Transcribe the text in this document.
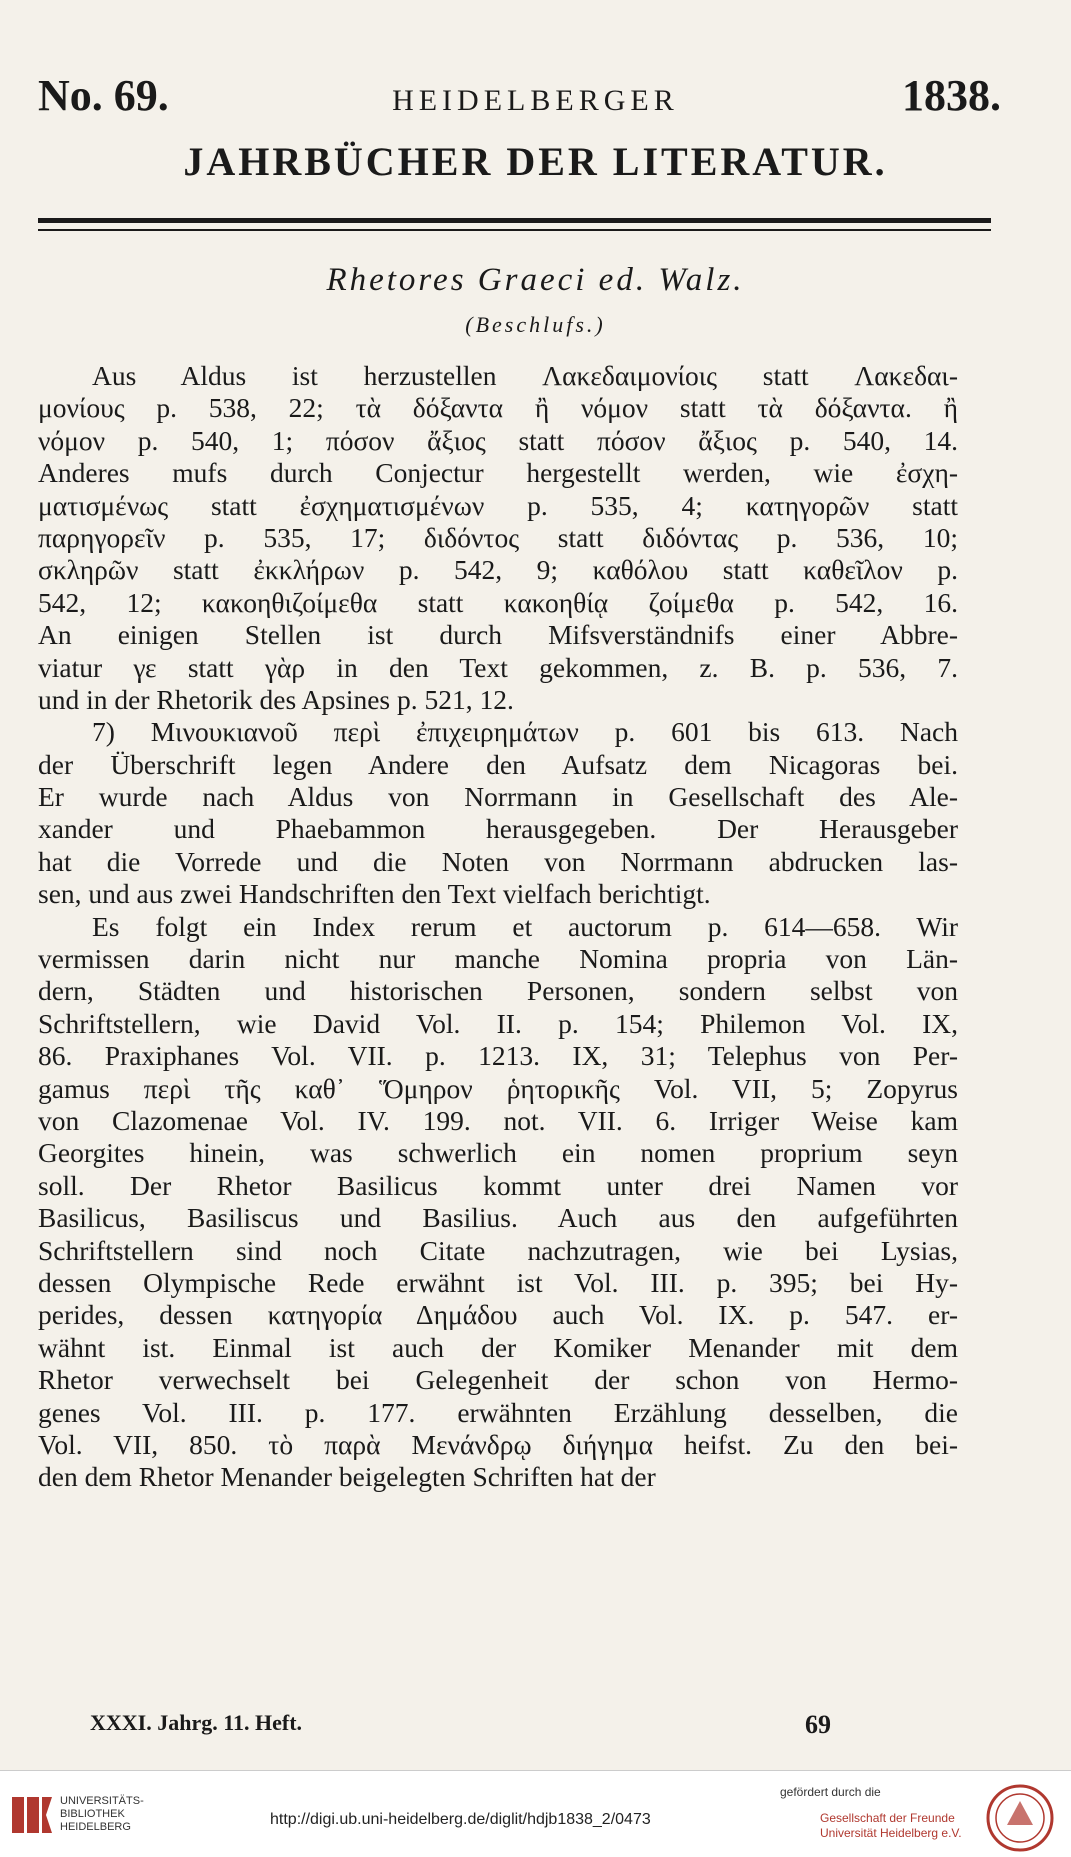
No. 69.	HEIDELBERGER	1838.
JAHRBÜCHER DER LITERATUR.
Rhetores Graeci ed. Walz.
(Beschlufs.)
Aus Aldus ist herzustellen Λακεδαιμονίοις statt Λακεδαι-
μονίους p. 538, 22; τὰ δόξαντα ἢ νόμον statt τὰ δόξαντα. ἢ
νόμον p. 540, 1; πόσον ἄξιος statt πόσον ἄξιος p. 540, 14.
Anderes mufs durch Conjectur hergestellt werden, wie ἐσχη-
ματισμένως statt ἐσχηματισμένων p. 535, 4; κατηγορῶν statt
παρηγορεῖν p. 535, 17; διδόντος statt διδόντας p. 536, 10;
σκληρῶν statt ἐκκλήρων p. 542, 9; καθόλου statt καθεῖλον p.
542, 12; κακοηθιζοίμεθα statt κακοηθίᾳ ζοίμεθα p. 542, 16.
An einigen Stellen ist durch Mifsverständnifs einer Abbre-
viatur γε statt γὰρ in den Text gekommen, z. B. p. 536, 7.
und in der Rhetorik des Apsines p. 521, 12.
7) Μινουκιανοῦ περὶ ἐπιχειρημάτων p. 601 bis 613. Nach
der Überschrift legen Andere den Aufsatz dem Nicagoras bei.
Er wurde nach Aldus von Norrmann in Gesellschaft des Ale-
xander und Phaebammon herausgegeben. Der Herausgeber
hat die Vorrede und die Noten von Norrmann abdrucken las-
sen, und aus zwei Handschriften den Text vielfach berichtigt.
Es folgt ein Index rerum et auctorum p. 614—658. Wir
vermissen darin nicht nur manche Nomina propria von Län-
dern, Städten und historischen Personen, sondern selbst von
Schriftstellern, wie David Vol. II. p. 154; Philemon Vol. IX,
86. Praxiphanes Vol. VII. p. 1213. IX, 31; Telephus von Per-
gamus περὶ τῆς καθ᾽ Ὅμηρον ῥητορικῆς Vol. VII, 5; Zopyrus
von Clazomenae Vol. IV. 199. not. VII. 6. Irriger Weise kam
Georgites hinein, was schwerlich ein nomen proprium seyn
soll. Der Rhetor Basilicus kommt unter drei Namen vor
Basilicus, Basiliscus und Basilius. Auch aus den aufgeführten
Schriftstellern sind noch Citate nachzutragen, wie bei Lysias,
dessen Olympische Rede erwähnt ist Vol. III. p. 395; bei Hy-
perides, dessen κατηγορία Δημάδου auch Vol. IX. p. 547. er-
wähnt ist. Einmal ist auch der Komiker Menander mit dem
Rhetor verwechselt bei Gelegenheit der schon von Hermo-
genes Vol. III. p. 177. erwähnten Erzählung desselben, die
Vol. VII, 850. τὸ παρὰ Μενάνδρῳ διήγημα heifst. Zu den bei-
den dem Rhetor Menander beigelegten Schriften hat der
XXXI. Jahrg. 11. Heft.	69
UNIVERSITÄTS-
BIBLIOTHEK
HEIDELBERG	http://digi.ub.uni-heidelberg.de/diglit/hdjb1838_2/0473
gefördert durch die
Gesellschaft der Freunde
Universität Heidelberg e.V.
